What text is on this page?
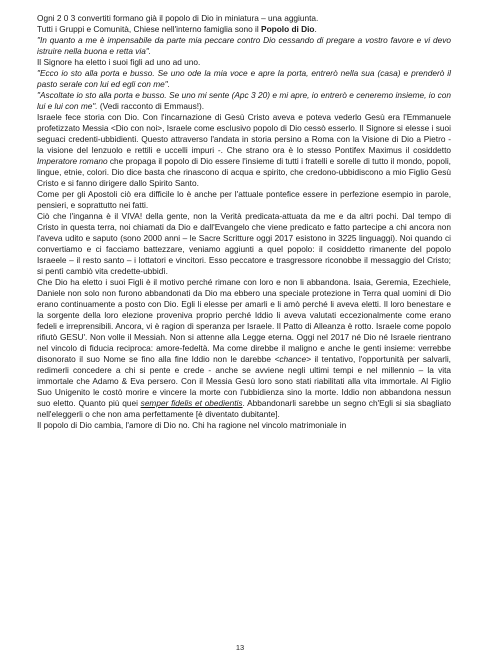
Ogni 2 0 3 convertiti formano già il popolo di Dio in miniatura – una aggiunta.

Tutti i Gruppi e Comunità, Chiese nell'interno famiglia sono il Popolo di Dio.

"In quanto a me è impensabile da parte mia peccare contro Dio cessando di pregare a vostro favore e vi devo istruire nella buona e retta via".

Il Signore ha eletto i suoi figli ad uno ad uno.

"Ecco io sto alla porta e busso. Se uno ode la mia voce e apre la porta, entrerò nella sua (casa) e prenderò il pasto serale con lui ed egli con me".

"Ascoltate io sto alla porta e busso. Se uno mi sente (Apc 3 20) e mi apre, io entrerò e ceneremo insieme, io con lui e lui con me". (Vedi racconto di Emmaus!).

Israele fece storia con Dio. Con l'incarnazione di Gesù Cristo aveva e poteva vederlo Gesù era l'Emmanuele profetizzato Messia <Dio con noi>, Israele come esclusivo popolo di Dio cessò esserlo. Il Signore si elesse i suoi seguaci credenti-ubbidienti. Questo attraverso l'andata in storia persino a Roma con la Visione di Dio a Pietro - la visione del lenzuolo e rettili e uccelli impuri -. Che strano ora è lo stesso Pontifex Maximus il cosiddetto Imperatore romano che propaga il popolo di Dio essere l'insieme di tutti i fratelli e sorelle di tutto il mondo, popoli, lingue, etnie, colori. Dio dice basta che rinascono di acqua e spirito, che credono-ubbidiscono a mio Figlio Gesù Cristo e si fanno dirigere dallo Spirito Santo.

Come per gli Apostoli ciò era difficile lo è anche per l'attuale pontefice essere in perfezione esempio in parole, pensieri, e soprattutto nei fatti.

Ciò che l'inganna è il VIVA! della gente, non la Verità predicata-attuata da me e da altri pochi. Dal tempo di Cristo in questa terra, noi chiamati da Dio e dall'Evangelo che viene predicato e fatto partecipe a chi ancora non l'aveva udito e saputo (sono 2000 anni – le Sacre Scritture oggi 2017 esistono in 3225 linguaggi). Noi quando ci convertiamo e ci facciamo battezzare, veniamo aggiunti a quel popolo: il cosiddetto rimanente del popolo Israeele – il resto santo – i lottatori e vincitori. Esso peccatore e trasgressore riconobbe il messaggio del Cristo; si pentì cambiò vita credette-ubbidì.

Che Dio ha eletto i suoi Figli è il motivo perché rimane con loro e non li abbandona. Isaia, Geremia, Ezechiele, Daniele non solo non furono abbandonati da Dio ma ebbero una speciale protezione in Terra qual uomini di Dio erano continuamente a posto con Dio. Egli li elesse per amarli e li amò perché li aveva eletti. Il loro benestare e la sorgente della loro elezione proveniva proprio perché Iddio li aveva valutati eccezionalmente come erano fedeli e irreprensibili. Ancora, vi è ragion di speranza per Israele. Il Patto di Alleanza è rotto. Israele come popolo rifiutò GESU'. Non volle il Messiah. Non si attenne alla Legge eterna. Oggi nel 2017 né Dio né Israele rientrano nel vincolo di fiducia reciproca: amore-fedeltà. Ma come direbbe il maligno e anche le genti insieme: verrebbe disonorato il suo Nome se fino alla fine Iddio non le darebbe <chance> il tentativo, l'opportunità per salvarli, redimerli concedere a chi si pente e crede - anche se avviene negli ultimi tempi e nel millennio – la vita immortale che Adamo & Eva persero. Con il Messia Gesù loro sono stati riabilitati alla vita immortale. Al Figlio Suo Unigenito le costò morire e vincere la morte con l'ubbidienza sino la morte. Iddio non abbandona nessun suo eletto. Quanto più quei semper fidelis et obedientis. Abbandonarli sarebbe un segno ch'Egli si sia sbagliato nell'eleggerli o che non ama perfettamente [è diventato dubitante].

Il popolo di Dio cambia, l'amore di Dio no. Chi ha ragione nel vincolo matrimoniale in

13
